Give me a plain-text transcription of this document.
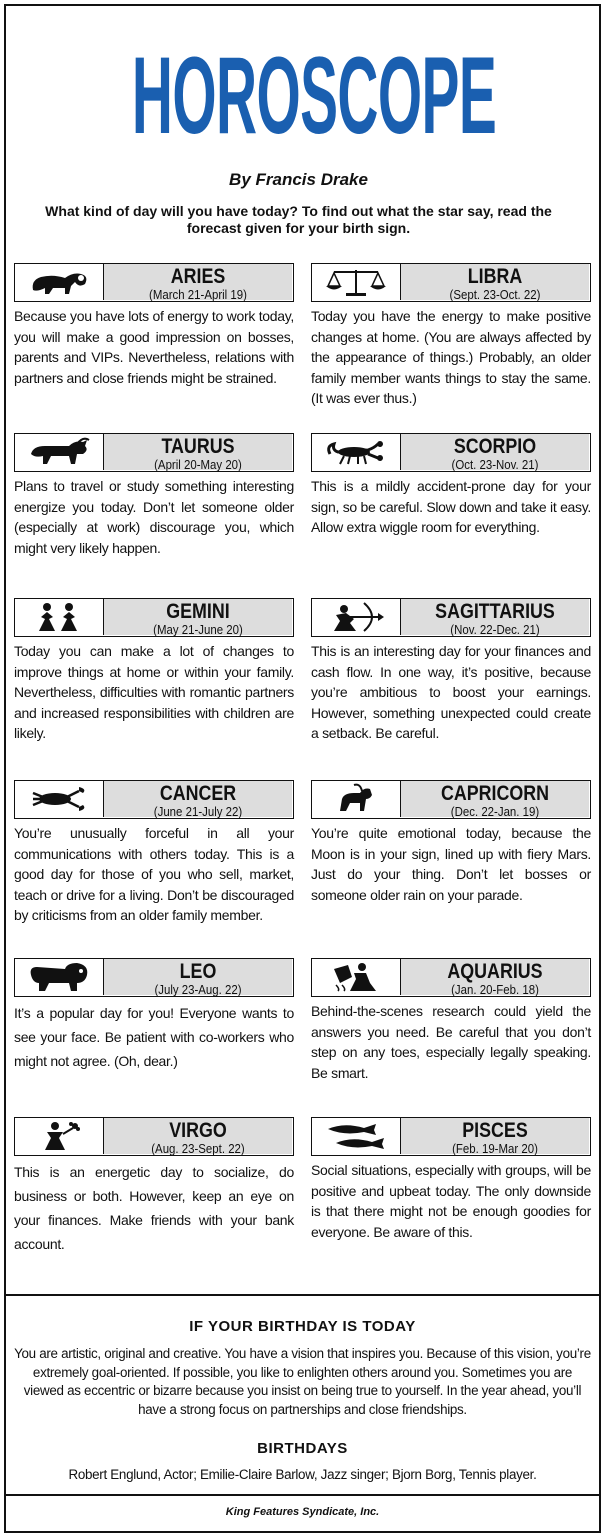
HOROSCOPE
By Francis Drake
What kind of day will you have today? To find out what the star say, read the forecast given for your birth sign.
ARIES
(March 21-April 19)
Because you have lots of energy to work today, you will make a good impression on bosses, parents and VIPs. Nevertheless, relations with partners and close friends might be strained.
LIBRA
(Sept. 23-Oct. 22)
Today you have the energy to make positive changes at home. (You are always affected by the appearance of things.) Probably, an older family member wants things to stay the same. (It was ever thus.)
TAURUS
(April 20-May 20)
Plans to travel or study something interesting energize you today. Don’t let someone older (especially at work) discourage you, which might very likely happen.
SCORPIO
(Oct. 23-Nov. 21)
This is a mildly accident-prone day for your sign, so be careful. Slow down and take it easy. Allow extra wiggle room for everything.
GEMINI
(May 21-June 20)
Today you can make a lot of changes to improve things at home or within your family. Nevertheless, difficulties with romantic partners and increased responsibilities with children are likely.
SAGITTARIUS
(Nov. 22-Dec. 21)
This is an interesting day for your finances and cash flow. In one way, it’s positive, because you’re ambitious to boost your earnings. However, something unexpected could create a setback. Be careful.
CANCER
(June 21-July 22)
You’re unusually forceful in all your communications with others today. This is a good day for those of you who sell, market, teach or drive for a living. Don’t be discouraged by criticisms from an older family member.
CAPRICORN
(Dec. 22-Jan. 19)
You’re quite emotional today, because the Moon is in your sign, lined up with fiery Mars. Just do your thing. Don’t let bosses or someone older rain on your parade.
LEO
(July 23-Aug. 22)
It’s a popular day for you! Everyone wants to see your face. Be patient with co-workers who might not agree. (Oh, dear.)
AQUARIUS
(Jan. 20-Feb. 18)
Behind-the-scenes research could yield the answers you need. Be careful that you don’t step on any toes, especially legally speaking. Be smart.
VIRGO
(Aug. 23-Sept. 22)
This is an energetic day to socialize, do business or both. However, keep an eye on your finances. Make friends with your bank account.
PISCES
(Feb. 19-Mar 20)
Social situations, especially with groups, will be positive and upbeat today. The only downside is that there might not be enough goodies for everyone. Be aware of this.
IF YOUR BIRTHDAY IS TODAY
You are artistic, original and creative. You have a vision that inspires you. Because of this vision, you’re extremely goal-oriented. If possible, you like to enlighten others around you. Sometimes you are viewed as eccentric or bizarre because you insist on being true to yourself. In the year ahead, you’ll have a strong focus on partnerships and close friendships.
BIRTHDAYS
Robert Englund, Actor; Emilie-Claire Barlow, Jazz singer; Bjorn Borg, Tennis player.
King Features Syndicate, Inc.
